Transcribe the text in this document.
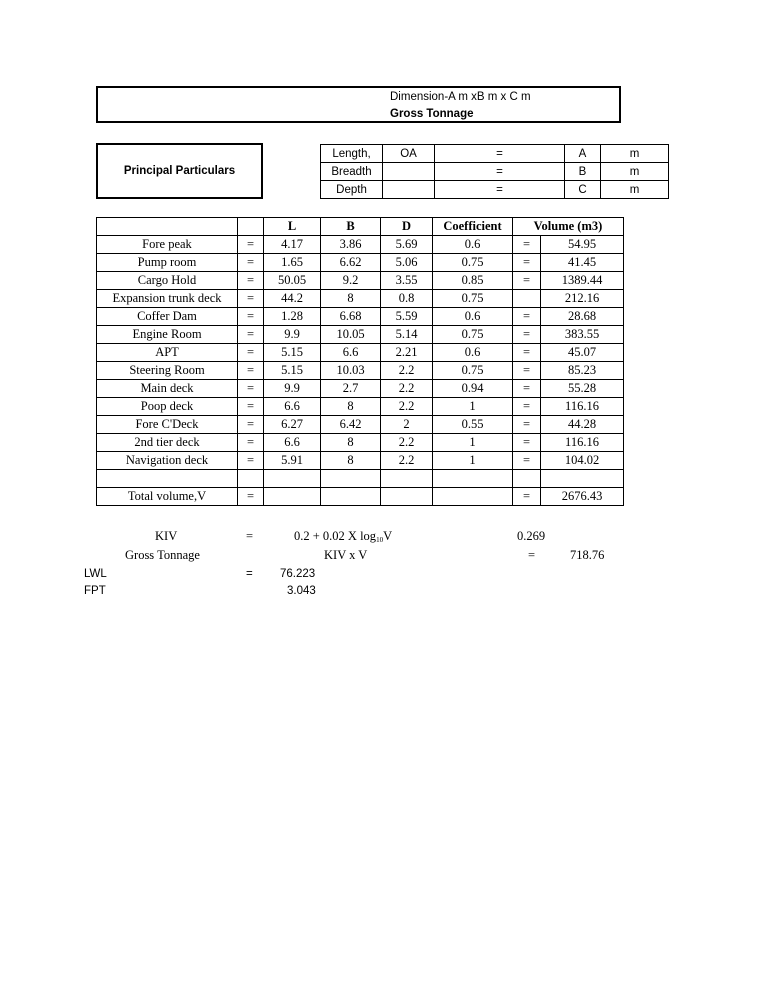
Dimension-A m xB m x C m
Gross Tonnage
Principal Particulars
Length,	OA	=	A	m
Breadth		=	B	m
Depth		=	C	m
		L	B	D	Coefficient	Volume (m3)	
Fore peak	=	4.17	3.86	5.69	0.6	=	54.95
Pump room	=	1.65	6.62	5.06	0.75	=	41.45
Cargo Hold	=	50.05	9.2	3.55	0.85	=	1389.44
Expansion trunk deck	=	44.2	8	0.8	0.75		212.16
Coffer Dam	=	1.28	6.68	5.59	0.6	=	28.68
Engine Room	=	9.9	10.05	5.14	0.75	=	383.55
APT	=	5.15	6.6	2.21	0.6	=	45.07
Steering Room	=	5.15	10.03	2.2	0.75	=	85.23
Main deck	=	9.9	2.7	2.2	0.94	=	55.28
Poop deck	=	6.6	8	2.2	1	=	116.16
Fore C'Deck	=	6.27	6.42	2	0.55	=	44.28
2nd tier deck	=	6.6	8	2.2	1	=	116.16
Navigation deck	=	5.91	8	2.2	1	=	104.02

Total volume,V	=					=	2676.43
KIV	=	0.2 + 0.02 X $\log_{10}V$	0.269
Gross Tonnage	KIV x V	=	718.76
LWL	= 76.223
FPT	3.043
